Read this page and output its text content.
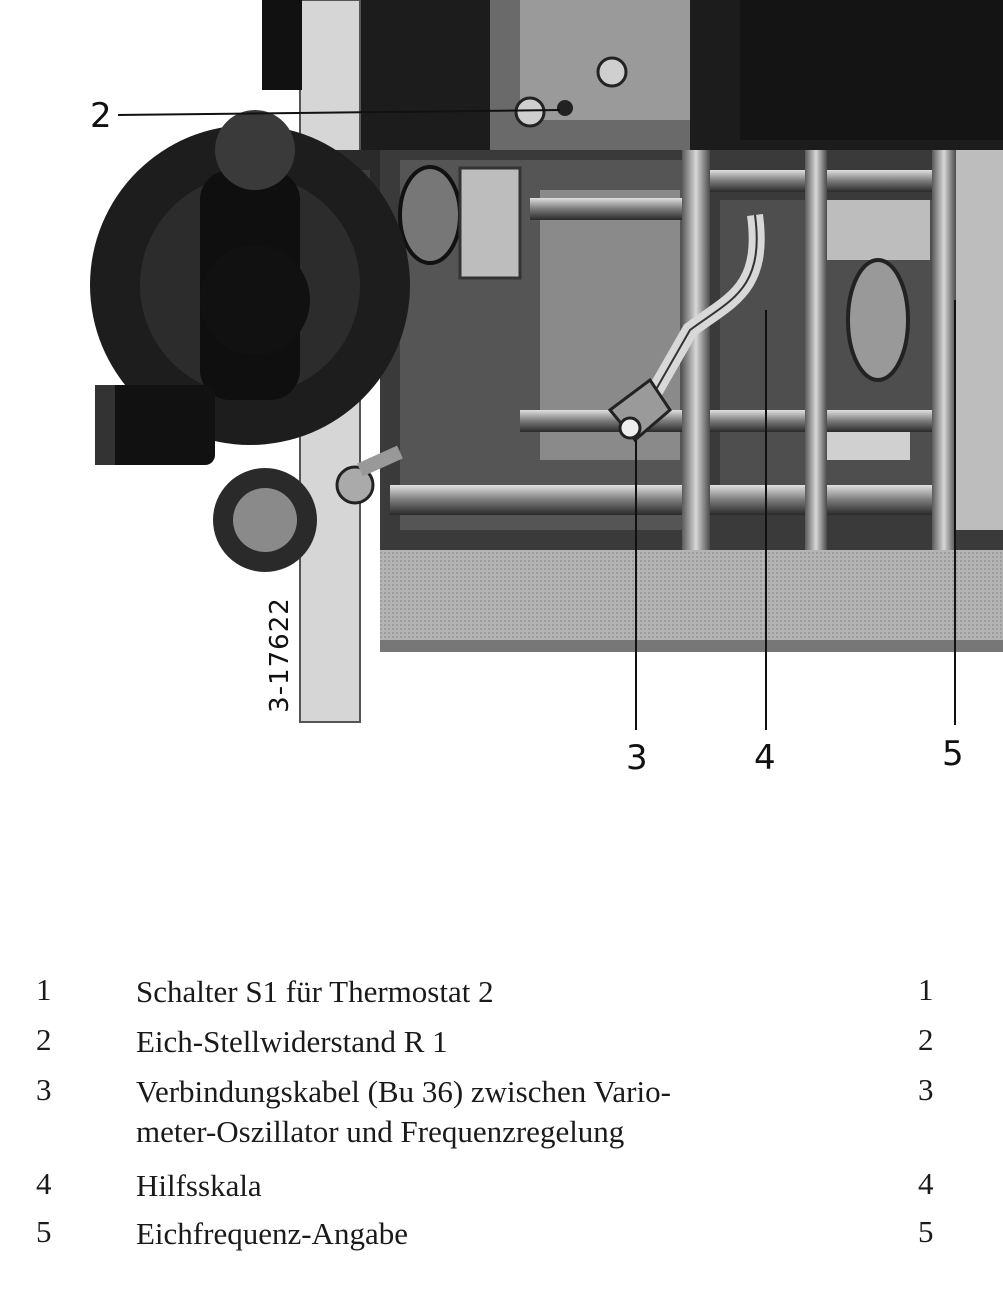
2
3	4	5
3-17622
1	Schalter S1 für Thermostat 2	1
2	Eich-Stellwiderstand R 1	2
3	Verbindungskabel (Bu 36) zwischen Vario-
meter-Oszillator und Frequenzregelung
3
4	Hilfsskala	4
5	Eichfrequenz-Angabe	5
